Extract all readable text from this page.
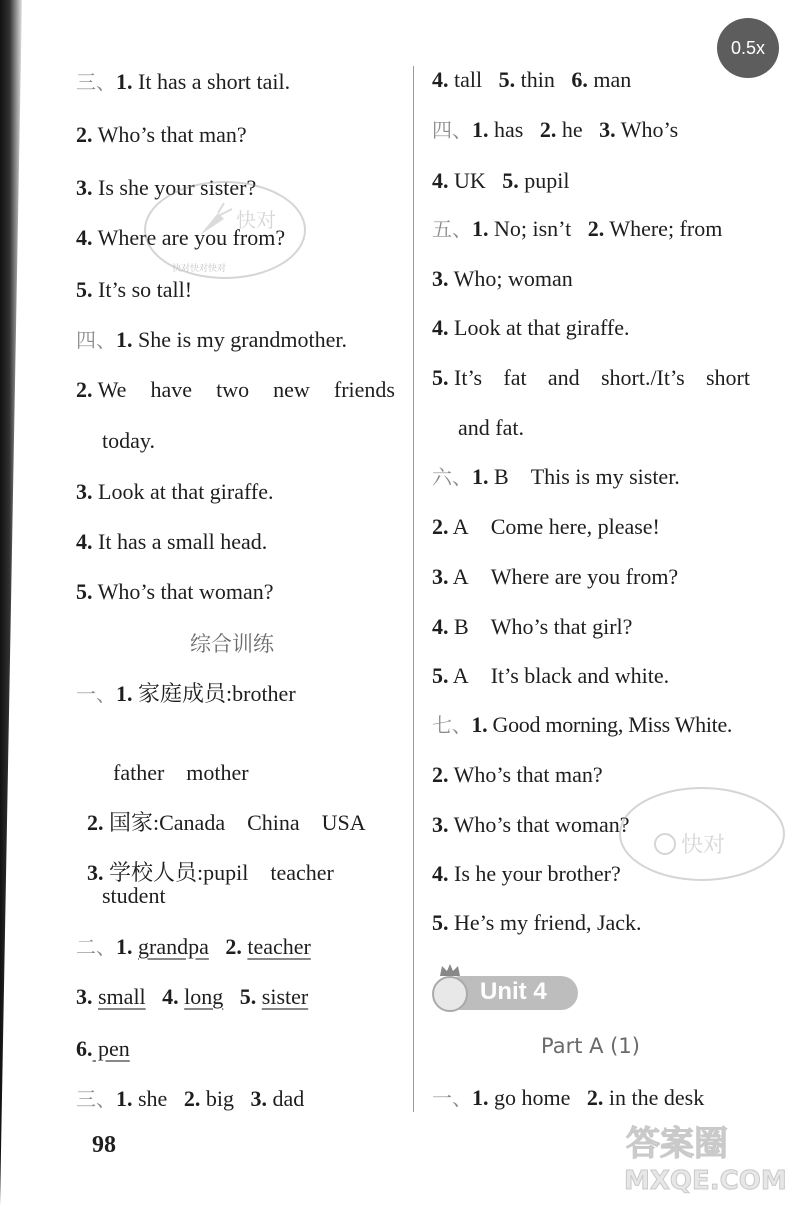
0.5x
三、1. It has a short tail.
2. Who’s that man?
3. Is she your sister?
4. Where are you from?
5. It’s so tall!
快对
快对快对快对
四、1. She is my grandmother.
2. We have two new friends
today.
3. Look at that giraffe.
4. It has a small head.
5. Who’s that woman?
综合训练
一、1. 家庭成员:brother

father    mother

2. 国家:Canada    China    USA

3. 学校人员:pupil    teacher

student
二、1. grandpa 2. teacher
3. small 4. long 5. sister
6. pen
三、1. she 2. big 3. dad
98
4. tall 5. thin 6. man
四、1. has 2. he 3. Who’s
4. UK 5. pupil
五、1. No; isn’t 2. Where; from
3. Who; woman
4. Look at that giraffe.
5. It’s fat and short./It’s short
and fat.
六、1. B This is my sister.
2. A Come here, please!
3. A Where are you from?
4. B Who’s that girl?
5. A It’s black and white.
七、1. Good morning, Miss White.
2. Who’s that man?
3. Who’s that woman?
快对
4. Is he your brother?
5. He’s my friend, Jack.
Unit 4
Part A (1)
一、1. go home 2. in the desk
答案圈
MXQE.COM
